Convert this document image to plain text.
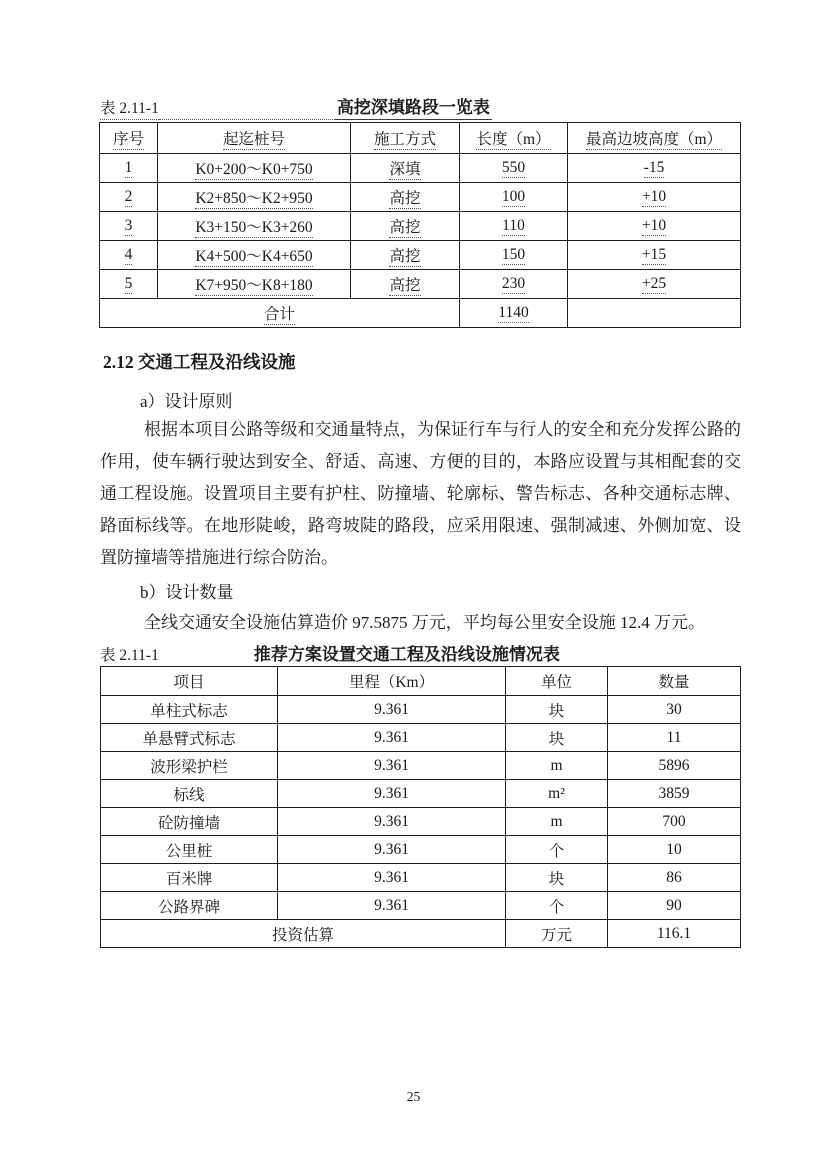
表 2.11-1	高挖深填路段一览表
序号	起迄桩号	施工方式	长度（m）	最高边坡高度（m）
1	K0+200～K0+750	深填	550	-15
2	K2+850～K2+950	高挖	100	+10
3	K3+150～K3+260	高挖	110	+10
4	K4+500～K4+650	高挖	150	+15
5	K7+950～K8+180	高挖	230	+25
合计			1140	
2.12 交通工程及沿线设施
a）设计原则

根据本项目公路等级和交通量特点，为保证行车与行人的安全和充分发挥公路的作用，使车辆行驶达到安全、舒适、高速、方便的目的，本路应设置与其相配套的交通工程设施。设置项目主要有护柱、防撞墙、轮廓标、警告标志、各种交通标志牌、路面标线等。在地形陡峻，路弯坡陡的路段，应采用限速、强制减速、外侧加宽、设置防撞墙等措施进行综合防治。

b）设计数量

全线交通安全设施估算造价 97.5875 万元，平均每公里安全设施 12.4 万元。

表 2.11-1	推荐方案设置交通工程及沿线设施情况表
项目	里程（Km）	单位	数量
单柱式标志	9.361	块	30
单悬臂式标志	9.361	块	11
波形梁护栏	9.361	m	5896
标线	9.361	m²	3859
砼防撞墙	9.361	m	700
公里桩	9.361	个	10
百米牌	9.361	块	86
公路界碑	9.361	个	90
投资估算		万元	116.1
25
